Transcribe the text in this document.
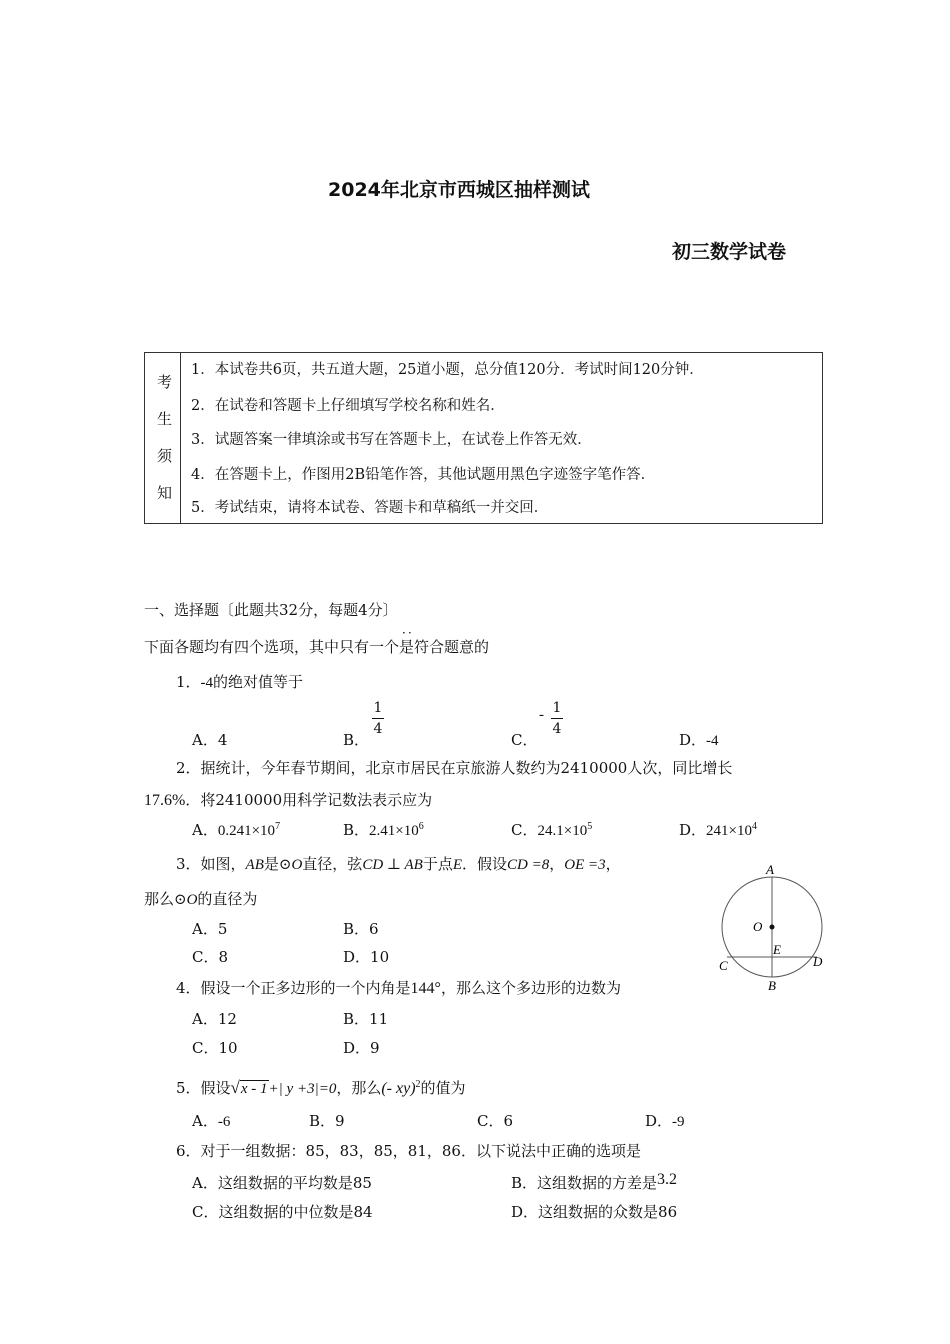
2024年北京市西城区抽样测试
初三数学试卷
考
生
须
知
1．本试卷共6页，共五道大题，25道小题，总分值120分．考试时间120分钟．
2．在试卷和答题卡上仔细填写学校名称和姓名．
3．试题答案一律填涂或书写在答题卡上，在试卷上作答无效．
4．在答题卡上，作图用2B铅笔作答，其他试题用黑色字迹签字笔作答．
5．考试结束，请将本试卷、答题卡和草稿纸一并交回．
一、选择题〔此题共32分，每题4分〕
．．
下面各题均有四个选项，其中只有一个是符合题意的
1．-4的绝对值等于
A．4	B．
1
4
C．
- 1
4
D．-4
2．据统计，今年春节期间，北京市居民在京旅游人数约为2410000人次，同比增长
17.6%．将2410000用科学记数法表示应为
A．$0.241\times 10^7$	B．$2.41\times 10^6$	C．$24.1\times 10^5$	D．$241\times 10^4$
3．如图，AB是⊙O直径，弦CD ⊥ AB于点E．假设CD =8，OE =3，
那么⊙O的直径为
A．5	B．6
C．8	D．10
A
O
E
C	D
B
4．假设一个正多边形的一个内角是144°，那么这个多边形的边数为
A．12	B．11
C．10	D．9
5．假设√x - 1+| y +3|=0，那么(- xy)$^2$的值为
A．-6	B．9	C．6	D．-9
6．对于一组数据：85，83，85，81，86．以下说法中正确的选项是
A．这组数据的平均数是85	B．这组数据的方差是3.2
C．这组数据的中位数是84	D．这组数据的众数是86
